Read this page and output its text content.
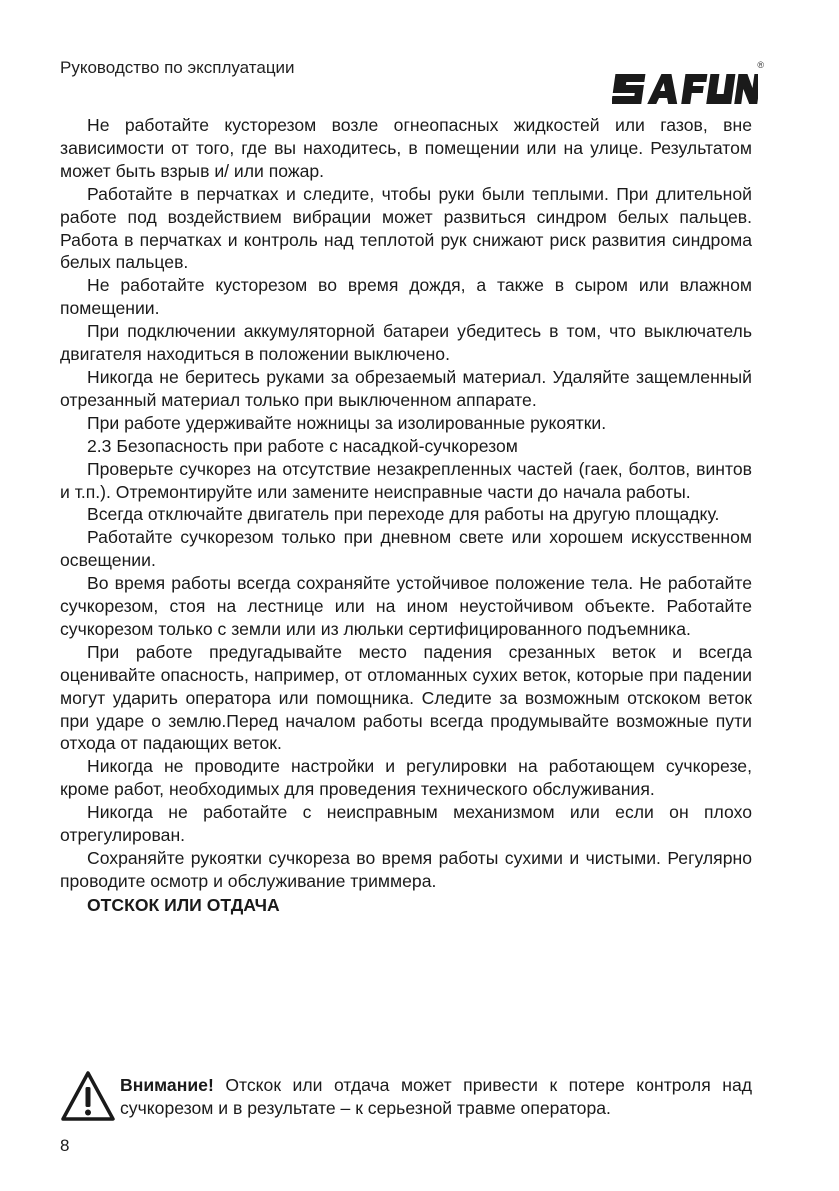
Руководство по эксплуатации	®

Не работайте кусторезом возле огнеопасных жидкостей или газов, вне зависимости от того, где вы находитесь, в помещении или на улице. Результатом может быть взрыв и/ или пожар.

Работайте в перчатках и следите, чтобы руки были теплыми. При длительной работе под воздействием вибрации может развиться синдром белых пальцев. Работа в перчатках и контроль над теплотой рук снижают риск развития синдрома белых пальцев.

Не работайте кусторезом во время дождя, а также в сыром или влажном помещении.

При подключении аккумуляторной батареи убедитесь в том, что выключатель двигателя находиться в положении выключено.

Никогда не беритесь руками за обрезаемый материал. Удаляйте защемленный отрезанный материал только при выключенном аппарате.

При работе удерживайте ножницы за изолированные рукоятки.

2.3 Безопасность при работе с насадкой-сучкорезом

Проверьте сучкорез на отсутствие незакрепленных частей (гаек, болтов, винтов и т.п.). Отремонтируйте или замените неисправные части до начала работы.

Всегда отключайте двигатель при переходе для работы на другую площадку.

Работайте сучкорезом только при дневном свете или хорошем искусственном освещении.

Во время работы всегда сохраняйте устойчивое положение тела. Не работайте сучкорезом, стоя на лестнице или на ином неустойчивом объекте. Работайте сучкорезом только с земли или из люльки сертифицированного подъемника.

При работе предугадывайте место падения срезанных веток и всегда оценивайте опасность, например, от отломанных сухих веток, которые при падении могут ударить оператора или помощника. Следите за возможным отскоком веток при ударе о землю.Перед началом работы всегда продумывайте возможные пути отхода от падающих веток.

Никогда не проводите настройки и регулировки на работающем сучкорезе, кроме работ, необходимых для проведения технического обслуживания.

Никогда не работайте с неисправным механизмом или если он плохо отрегулирован.

Сохраняйте рукоятки сучкореза во время работы сухими и чистыми. Регулярно проводите осмотр и обслуживание триммера.

ОТСКОК ИЛИ ОТДАЧА

Внимание! Отскок или отдача может привести к потере контроля над сучкорезом и в результате – к серьезной травме оператора.
8
